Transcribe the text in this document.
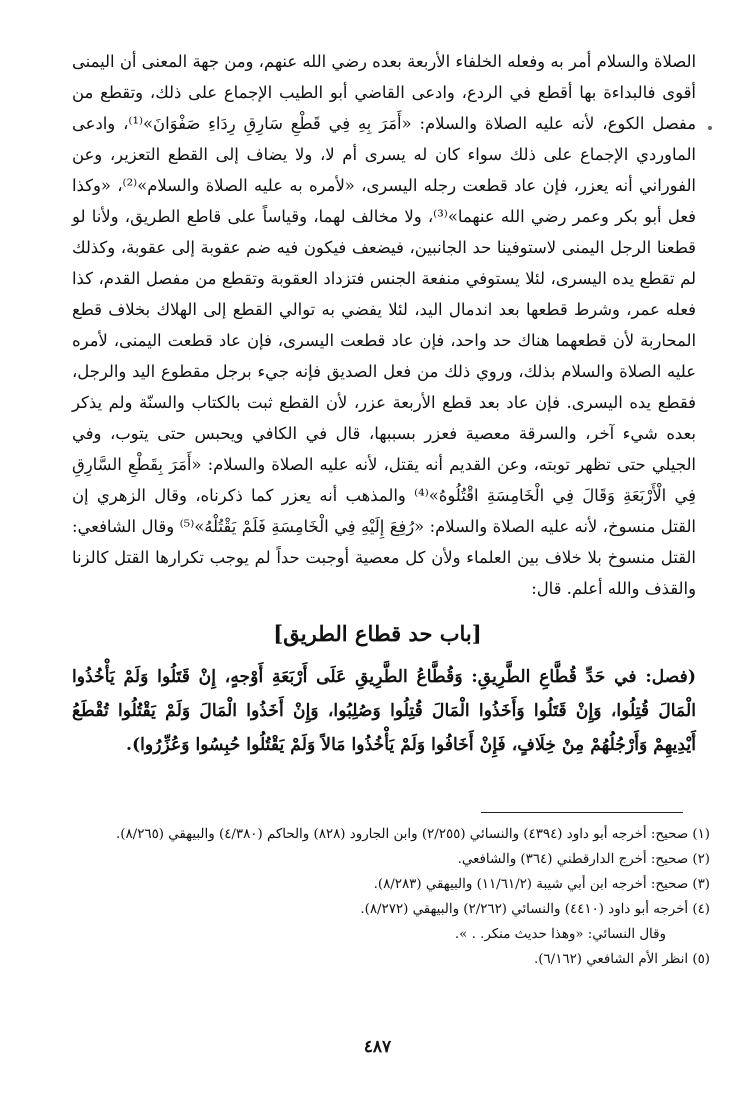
الصلاة والسلام أمر به وفعله الخلفاء الأربعة بعده رضي الله عنهم، ومن جهة المعنى أن اليمنى أقوى فالبداءة بها أقطع في الردع، وادعى القاضي أبو الطيب الإجماع على ذلك، وتقطع من مفصل الكوع، لأنه عليه الصلاة والسلام: «أَمَرَ بِهِ فِي قَطْعِ سَارِقِ رِدَاءِ صَفْوَانَ»⁽¹⁾، وادعى الماوردي الإجماع على ذلك سواء كان له يسرى أم لا، ولا يضاف إلى القطع التعزير، وعن الفوراني أنه يعزر، فإن عاد قطعت رجله اليسرى، «لأمره به عليه الصلاة والسلام»⁽²⁾، «وكذا فعل أبو بكر وعمر رضي الله عنهما»⁽³⁾، ولا مخالف لهما، وقياساً على قاطع الطريق، ولأنا لو قطعنا الرجل اليمنى لاستوفينا حد الجانبين، فيضعف فيكون فيه ضم عقوبة إلى عقوبة، وكذلك لم تقطع يده اليسرى، لئلا يستوفي منفعة الجنس فتزداد العقوبة وتقطع من مفصل القدم، كذا فعله عمر، وشرط قطعها بعد اندمال اليد، لئلا يفضي به توالي القطع إلى الهلاك بخلاف قطع المحاربة لأن قطعهما هناك حد واحد، فإن عاد قطعت اليسرى، فإن عاد قطعت اليمنى، لأمره عليه الصلاة والسلام بذلك، وروي ذلك من فعل الصديق فإنه جيء برجل مقطوع اليد والرجل، فقطع يده اليسرى. فإن عاد بعد قطع الأربعة عزر، لأن القطع ثبت بالكتاب والسنّة ولم يذكر بعده شيء آخر، والسرقة معصية فعزر بسببها، قال في الكافي ويحبس حتى يتوب، وفي الجيلي حتى تظهر توبته، وعن القديم أنه يقتل، لأنه عليه الصلاة والسلام: «أَمَرَ بِقَطْعِ السَّارِقِ فِي الْأَرْبَعَةِ وَقَالَ فِي الْخَامِسَةِ اقْتُلُوهُ»⁽⁴⁾ والمذهب أنه يعزر كما ذكرناه، وقال الزهري إن القتل منسوخ، لأنه عليه الصلاة والسلام: «رُفِعَ إِلَيْهِ فِي الْخَامِسَةِ فَلَمْ يَقْتُلْهُ»⁽⁵⁾ وقال الشافعي: القتل منسوخ بلا خلاف بين العلماء ولأن كل معصية أوجبت حداً لم يوجب تكرارها القتل كالزنا والقذف والله أعلم. قال:

[باب حد قطاع الطريق]

(فصل: في حَدِّ قُطَّاعِ الطَّرِيقِ: وَقُطَّاعُ الطَّرِيقِ عَلَى أَرْبَعَةِ أَوْجهٍ، إِنْ قَتَلُوا وَلَمْ يَأْخُذُوا الْمَالَ قُتِلُوا، وَإِنْ قَتَلُوا وَأَخَذُوا الْمَالَ قُتِلُوا وَصُلِبُوا، وَإِنْ أَخَذُوا الْمَالَ وَلَمْ يَقْتُلُوا تُقْطَعُ أَيْدِيهِمْ وَأَرْجُلُهُمْ مِنْ خِلَافٍ، فَإِنْ أَخَافُوا وَلَمْ يَأْخُذُوا مَالاً وَلَمْ يَقْتُلُوا حُبِسُوا وَعُزِّرُوا).

(١) صحيح: أخرجه أبو داود (٤٣٩٤) والنسائي (٢/٢٥٥) وابن الجارود (٨٢٨) والحاكم (٤/٣٨٠) والبيهقي (٨/٢٦٥).

(٢) صحيح: أخرج الدارقطني (٣٦٤) والشافعي.

(٣) صحيح: أخرجه ابن أبي شيبة (١١/٦١/٢) والبيهقي (٨/٢٨٣).

(٤) أخرجه أبو داود (٤٤١٠) والنسائي (٢/٢٦٢) والبيهقي (٨/٢٧٢).

وقال النسائي: «وهذا حديث منكر. . ».

(٥) انظر الأم الشافعي (٦/١٦٢).

٤٨٧
